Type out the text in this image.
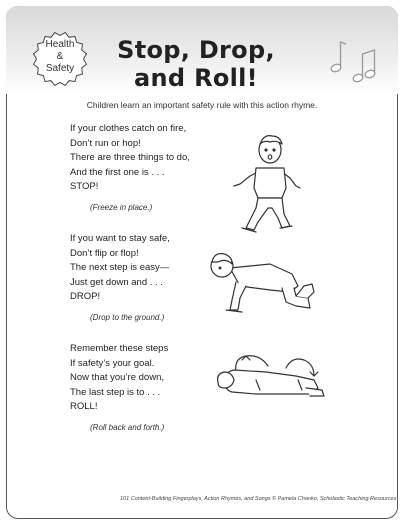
Health
&
Safety
Stop, Drop,
and Roll!
Children learn an important safety rule with this action rhyme.
If your clothes catch on fire,
Don’t run or hop!
There are three things to do,
And the first one is . . .
STOP!
(Freeze in place.)
If you want to stay safe,
Don’t flip or flop!
The next step is easy—
Just get down and . . .
DROP!
(Drop to the ground.)
Remember these steps
If safety’s your goal.
Now that you’re down,
The last step is to . . .
ROLL!
(Roll back and forth.)
101 Content-Building Fingerplays, Action Rhymes, and Songs © Pamela Chanko, Scholastic Teaching Resources
